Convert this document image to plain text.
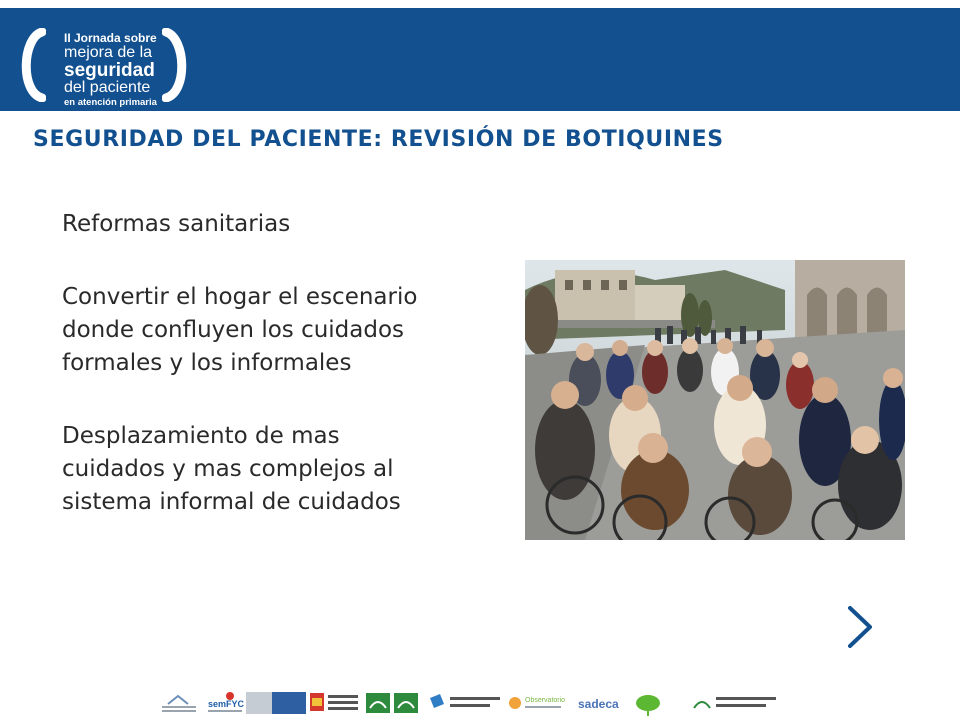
II Jornada sobre
mejora de la
seguridad
del paciente
en atención primaria
SEGURIDAD DEL PACIENTE: REVISIÓN DE BOTIQUINES

Reformas sanitarias

Convertir el hogar el escenario donde confluyen los cuidados formales y los informales

Desplazamiento de mas cuidados y mas complejos al sistema informal de cuidados

semFYC	Observatorio sadeca
